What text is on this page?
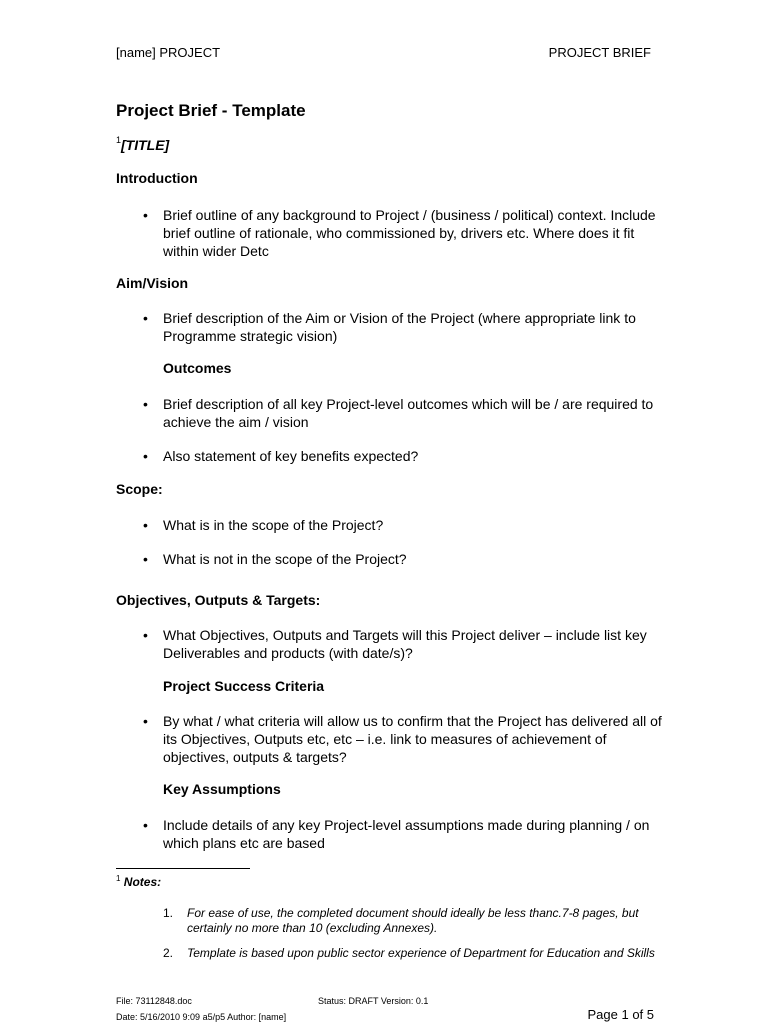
[name] PROJECT	PROJECT BRIEF
Project Brief - Template
$^1$[TITLE]
Introduction
• Brief outline of any background to Project / (business / political) context. Include brief outline of rationale, who commissioned by, drivers etc. Where does it fit within wider Detc
Aim/Vision
• Brief description of the Aim or Vision of the Project (where appropriate link to Programme strategic vision)
Outcomes
• Brief description of all key Project-level outcomes which will be / are required to achieve the aim / vision
• Also statement of key benefits expected?
Scope:
• What is in the scope of the Project?
• What is not in the scope of the Project?
Objectives, Outputs & Targets:
• What Objectives, Outputs and Targets will this Project deliver – include list key Deliverables and products (with date/s)?
Project Success Criteria
• By what / what criteria will allow us to confirm that the Project has delivered all of its Objectives, Outputs etc, etc – i.e. link to measures of achievement of objectives, outputs & targets?
Key Assumptions
• Include details of any key Project-level assumptions made during planning / on which plans etc are based
$^1$ Notes:
1. For ease of use, the completed document should ideally be less thanc.7-8 pages, but certainly no more than 10 (excluding Annexes).
2. Template is based upon public sector experience of Department for Education and Skills
File: 73112848.doc	Status: DRAFT Version: 0.1
Date: 5/16/2010 9:09 a5/p5 Author: [name]	Page 1 of 5
